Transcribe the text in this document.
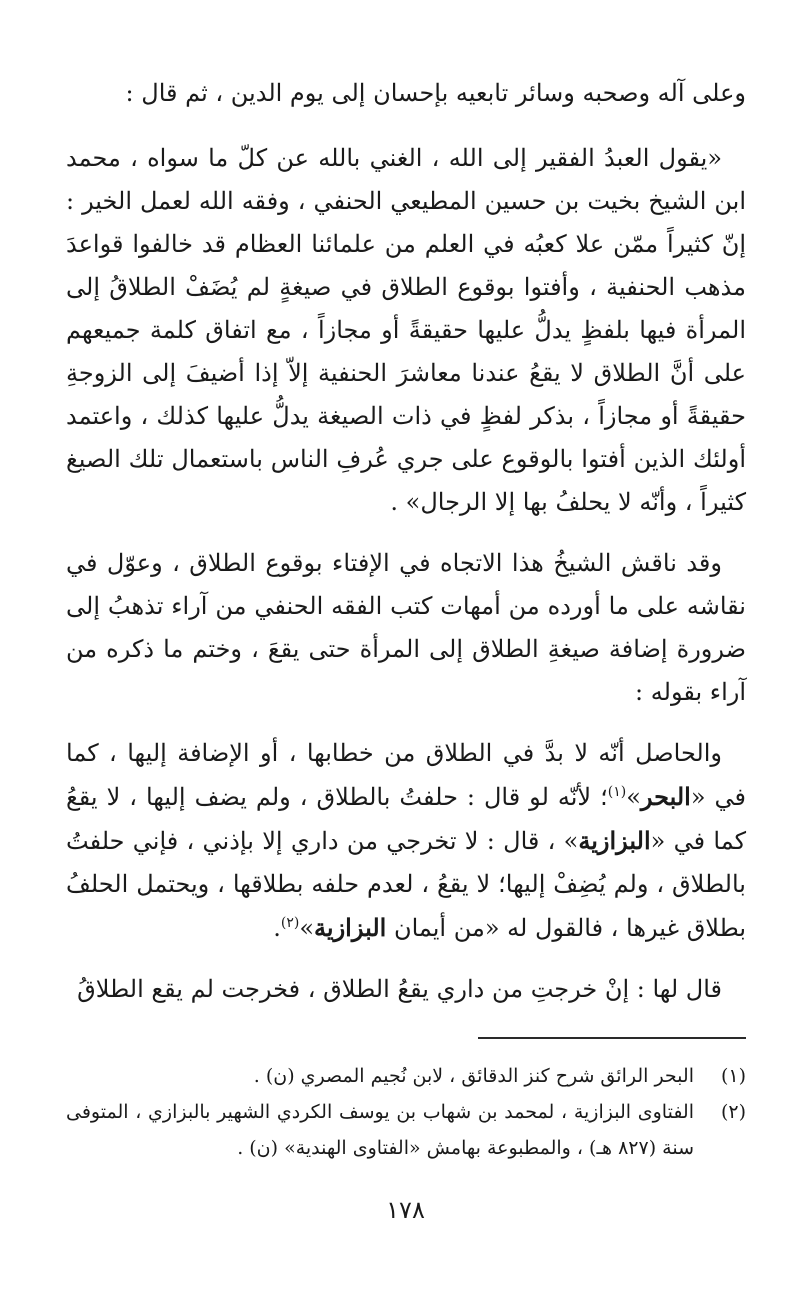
وعلى آله وصحبه وسائر تابعيه بإحسان إلى يوم الدين ، ثم قال :

«يقول العبدُ الفقير إلى الله ، الغني بالله عن كلّ ما سواه ، محمد ابن الشيخ بخيت بن حسين المطيعي الحنفي ، وفقه الله لعمل الخير : إنّ كثيراً ممّن علا كعبُه في العلم من علمائنا العظام قد خالفوا قواعدَ مذهب الحنفية ، وأفتوا بوقوع الطلاق في صيغةٍ لم يُضَفْ الطلاقُ إلى المرأة فيها بلفظٍ يدلُّ عليها حقيقةً أو مجازاً ، مع اتفاق كلمة جميعهم على أنَّ الطلاق لا يقعُ عندنا معاشرَ الحنفية إلاّ إذا أضيفَ إلى الزوجةِ حقيقةً أو مجازاً ، بذكر لفظٍ في ذات الصيغة يدلُّ عليها كذلك ، واعتمد أولئك الذين أفتوا بالوقوع على جري عُرفِ الناس باستعمال تلك الصيغ كثيراً ، وأنّه لا يحلفُ بها إلا الرجال» .

وقد ناقش الشيخُ هذا الاتجاه في الإفتاء بوقوع الطلاق ، وعوّل في نقاشه على ما أورده من أمهات كتب الفقه الحنفي من آراء تذهبُ إلى ضرورة إضافة صيغةِ الطلاق إلى المرأة حتى يقعَ ، وختم ما ذكره من آراء بقوله :

والحاصل أنّه لا بدَّ في الطلاق من خطابها ، أو الإضافة إليها ، كما في «البحر»$^{(١)}$؛ لأنّه لو قال : حلفتُ بالطلاق ، ولم يضف إليها ، لا يقعُ كما في «البزازية» ، قال : لا تخرجي من داري إلا بإذني ، فإني حلفتُ بالطلاق ، ولم يُضِفْ إليها؛ لا يقعُ ، لعدم حلفه بطلاقها ، ويحتمل الحلفُ بطلاق غيرها ، فالقول له «من أيمان البزازية»$^{(٢)}$.

قال لها : إنْ خرجتِ من داري يقعُ الطلاق ، فخرجت لم يقع الطلاقُ

(١)
البحر الرائق شرح كنز الدقائق ، لابن نُجيم المصري (ن) .
(٢)
الفتاوى البزازية ، لمحمد بن شهاب بن يوسف الكردي الشهير بالبزازي ، المتوفى سنة (٨٢٧ هـ) ، والمطبوعة بهامش «الفتاوى الهندية» (ن) .
١٧٨
